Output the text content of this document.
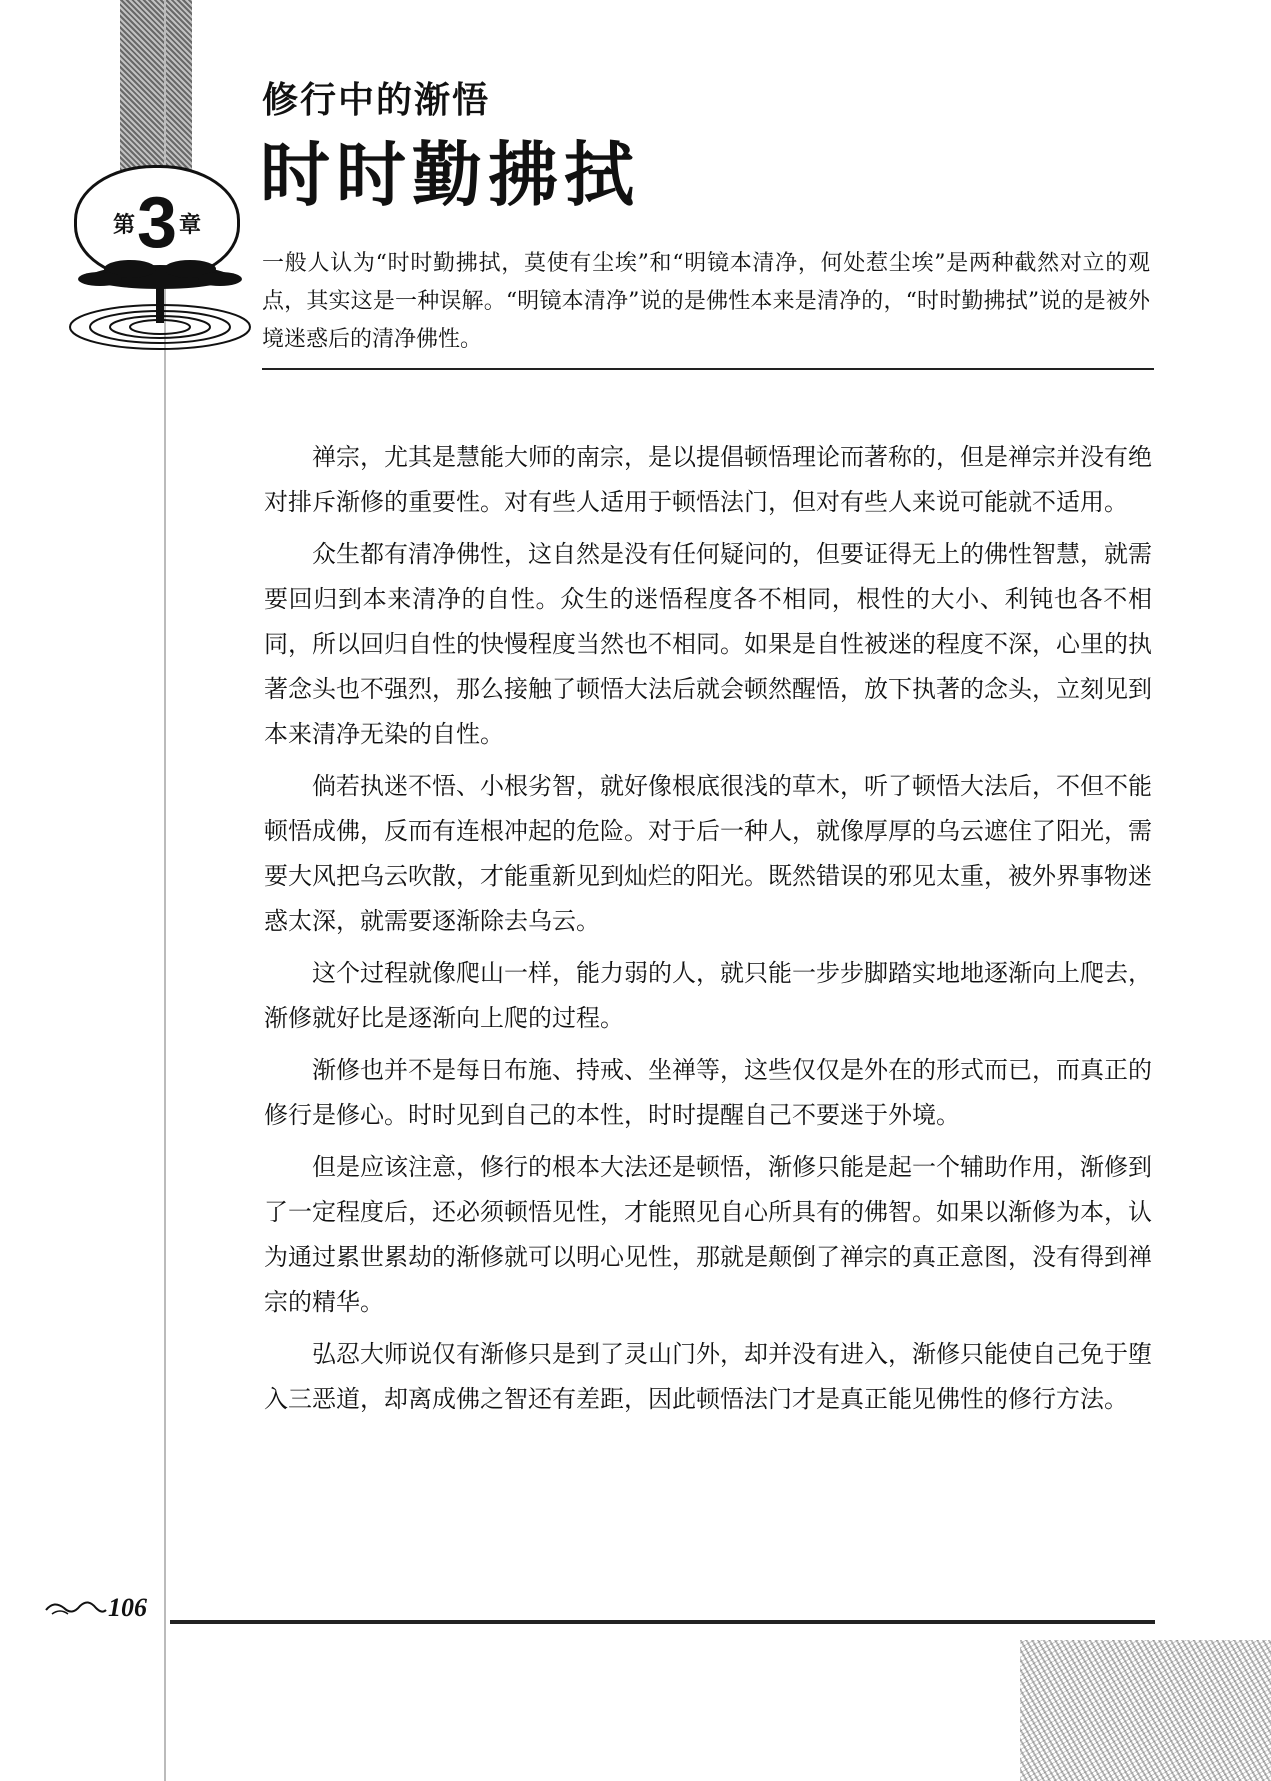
第 3 章
修行中的渐悟
时时勤拂拭
一般人认为“时时勤拂拭，莫使有尘埃”和“明镜本清净，何处惹尘埃”是两种截然对立的观点，其实这是一种误解。“明镜本清净”说的是佛性本来是清净的，“时时勤拂拭”说的是被外境迷惑后的清净佛性。

禅宗，尤其是慧能大师的南宗，是以提倡顿悟理论而著称的，但是禅宗并没有绝对排斥渐修的重要性。对有些人适用于顿悟法门，但对有些人来说可能就不适用。

众生都有清净佛性，这自然是没有任何疑问的，但要证得无上的佛性智慧，就需要回归到本来清净的自性。众生的迷悟程度各不相同，根性的大小、利钝也各不相同，所以回归自性的快慢程度当然也不相同。如果是自性被迷的程度不深，心里的执著念头也不强烈，那么接触了顿悟大法后就会顿然醒悟，放下执著的念头，立刻见到本来清净无染的自性。

倘若执迷不悟、小根劣智，就好像根底很浅的草木，听了顿悟大法后，不但不能顿悟成佛，反而有连根冲起的危险。对于后一种人，就像厚厚的乌云遮住了阳光，需要大风把乌云吹散，才能重新见到灿烂的阳光。既然错误的邪见太重，被外界事物迷惑太深，就需要逐渐除去乌云。

这个过程就像爬山一样，能力弱的人，就只能一步步脚踏实地地逐渐向上爬去，渐修就好比是逐渐向上爬的过程。

渐修也并不是每日布施、持戒、坐禅等，这些仅仅是外在的形式而已，而真正的修行是修心。时时见到自己的本性，时时提醒自己不要迷于外境。

但是应该注意，修行的根本大法还是顿悟，渐修只能是起一个辅助作用，渐修到了一定程度后，还必须顿悟见性，才能照见自心所具有的佛智。如果以渐修为本，认为通过累世累劫的渐修就可以明心见性，那就是颠倒了禅宗的真正意图，没有得到禅宗的精华。

弘忍大师说仅有渐修只是到了灵山门外，却并没有进入，渐修只能使自己免于堕入三恶道，却离成佛之智还有差距，因此顿悟法门才是真正能见佛性的修行方法。

106
